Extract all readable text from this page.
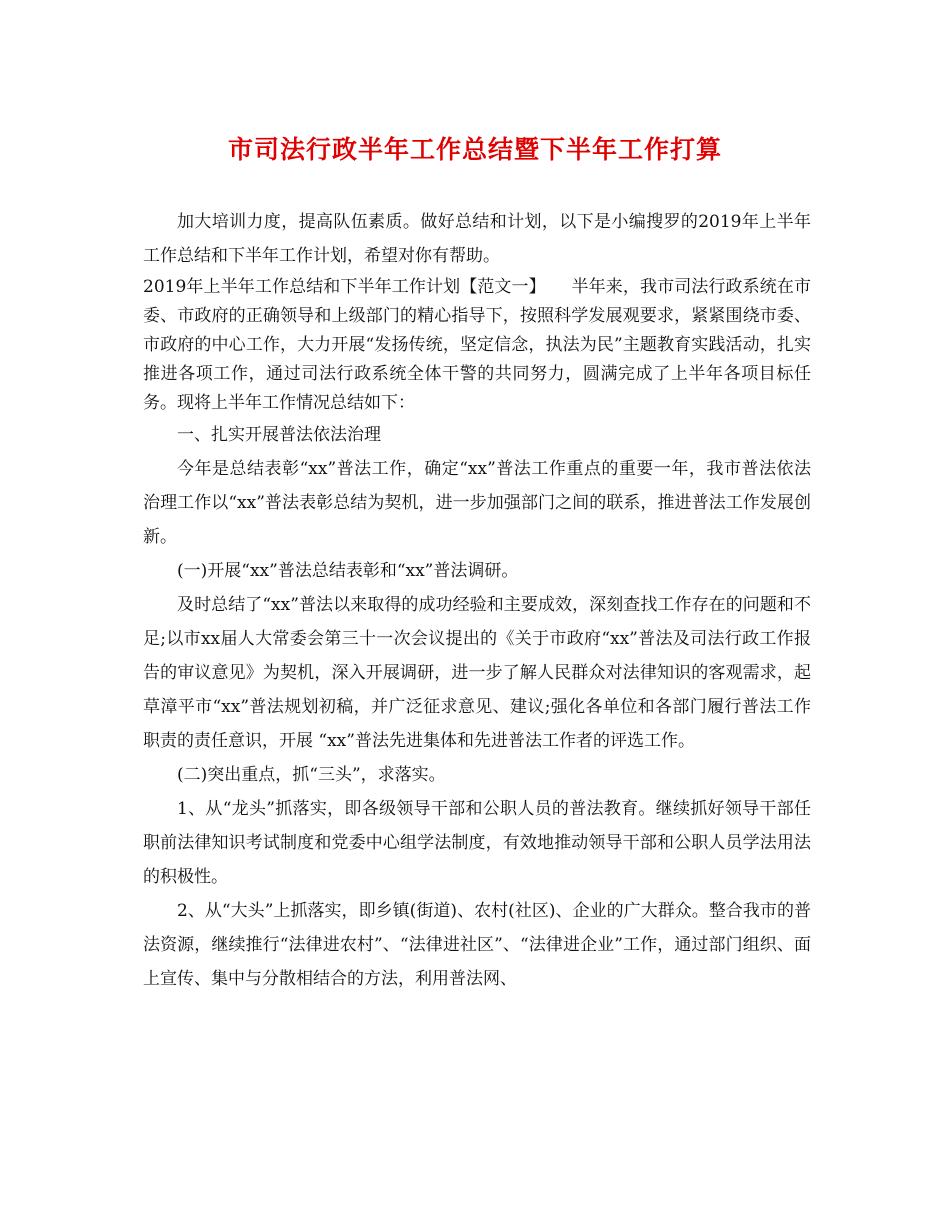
市司法行政半年工作总结暨下半年工作打算

加大培训力度，提高队伍素质。做好总结和计划，以下是小编搜罗的2019年上半年工作总结和下半年工作计划，希望对你有帮助。

2019年上半年工作总结和下半年工作计划【范文一】　　半年来，我市司法行政系统在市委、市政府的正确领导和上级部门的精心指导下，按照科学发展观要求，紧紧围绕市委、市政府的中心工作，大力开展“发扬传统，坚定信念，执法为民”主题教育实践活动，扎实推进各项工作，通过司法行政系统全体干警的共同努力，圆满完成了上半年各项目标任务。现将上半年工作情况总结如下：

一、扎实开展普法依法治理

今年是总结表彰“xx”普法工作，确定“xx”普法工作重点的重要一年，我市普法依法治理工作以“xx”普法表彰总结为契机，进一步加强部门之间的联系，推进普法工作发展创新。

(一)开展“xx”普法总结表彰和“xx”普法调研。

及时总结了“xx”普法以来取得的成功经验和主要成效，深刻查找工作存在的问题和不足;以市xx届人大常委会第三十一次会议提出的《关于市政府“xx”普法及司法行政工作报告的审议意见》为契机，深入开展调研，进一步了解人民群众对法律知识的客观需求，起草漳平市“xx”普法规划初稿，并广泛征求意见、建议;强化各单位和各部门履行普法工作职责的责任意识，开展 “xx”普法先进集体和先进普法工作者的评选工作。

(二)突出重点，抓“三头”，求落实。

1、从“龙头”抓落实，即各级领导干部和公职人员的普法教育。继续抓好领导干部任职前法律知识考试制度和党委中心组学法制度，有效地推动领导干部和公职人员学法用法的积极性。

2、从“大头”上抓落实，即乡镇(街道)、农村(社区)、企业的广大群众。整合我市的普法资源，继续推行“法律进农村”、“法律进社区”、“法律进企业”工作，通过部门组织、面上宣传、集中与分散相结合的方法，利用普法网、
